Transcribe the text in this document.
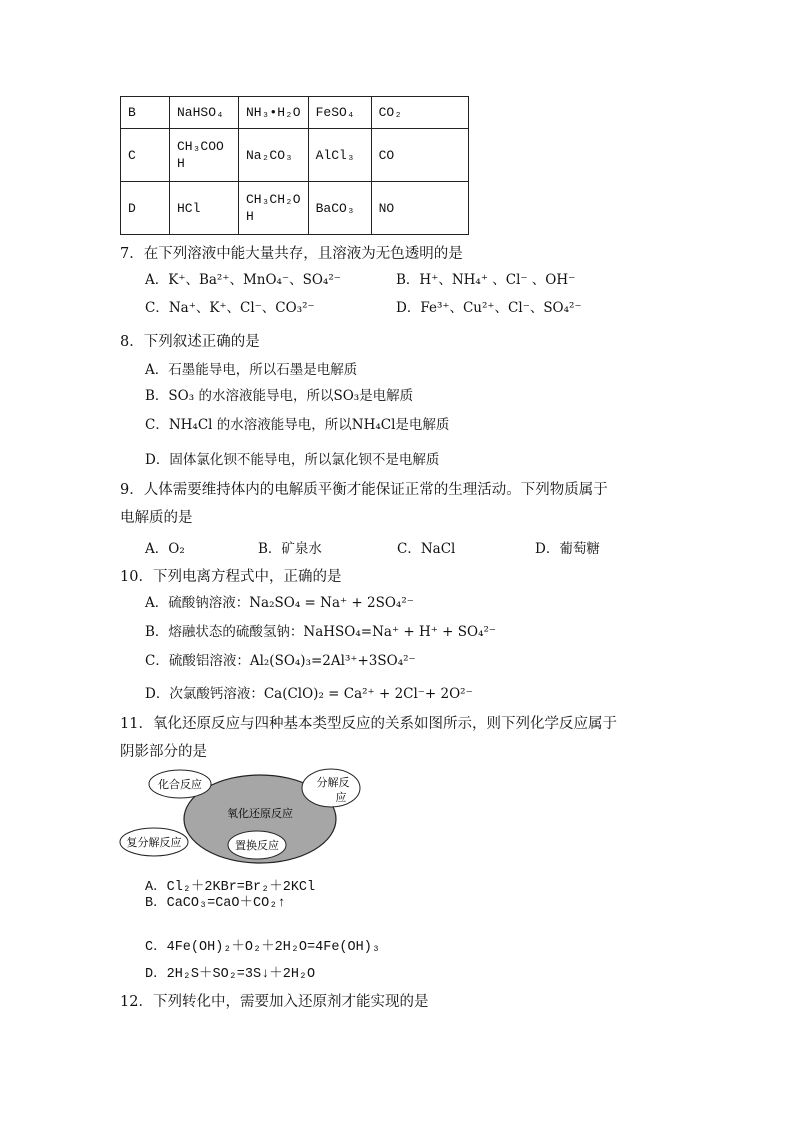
B	NaHSO₄	NH₃•H₂O	FeSO₄	CO₂
C	CH₃COOH	Na₂CO₃	AlCl₃	CO
D	HCl	CH₃CH₂OH	BaCO₃	NO
7．在下列溶液中能大量共存，且溶液为无色透明的是
A．K⁺、Ba²⁺、MnO₄⁻、SO₄²⁻	B．H⁺、NH₄⁺ 、Cl⁻ 、OH⁻
C．Na⁺、K⁺、Cl⁻、CO₃²⁻	D．Fe³⁺、Cu²⁺、Cl⁻、SO₄²⁻
8．下列叙述正确的是
A．石墨能导电，所以石墨是电解质
B．SO₃ 的水溶液能导电，所以SO₃是电解质
C．NH₄Cl 的水溶液能导电，所以NH₄Cl是电解质
D．固体氯化钡不能导电，所以氯化钡不是电解质
9．人体需要维持体内的电解质平衡才能保证正常的生理活动。下列物质属于
电解质的是
A．O₂	B．矿泉水	C．NaCl	D．葡萄糖
10．下列电离方程式中，正确的是
A．硫酸钠溶液：Na₂SO₄ = Na⁺ + 2SO₄²⁻
B．熔融状态的硫酸氢钠：NaHSO₄=Na⁺ + H⁺ + SO₄²⁻
C．硫酸铝溶液：Al₂(SO₄)₃=2Al³⁺+3SO₄²⁻
D．次氯酸钙溶液：Ca(ClO)₂ = Ca²⁺ + 2Cl⁻+ 2O²⁻
11．氧化还原反应与四种基本类型反应的关系如图所示，则下列化学反应属于
阴影部分的是
化合反应	分解反
应
氧化还原反应
复分解反应	置换反应
A．Cl₂＋2KBr=Br₂＋2KCl
B．CaCO₃=CaO＋CO₂↑
C．4Fe(OH)₂＋O₂＋2H₂O=4Fe(OH)₃
D．2H₂S＋SO₂=3S↓＋2H₂O
12．下列转化中，需要加入还原剂才能实现的是
